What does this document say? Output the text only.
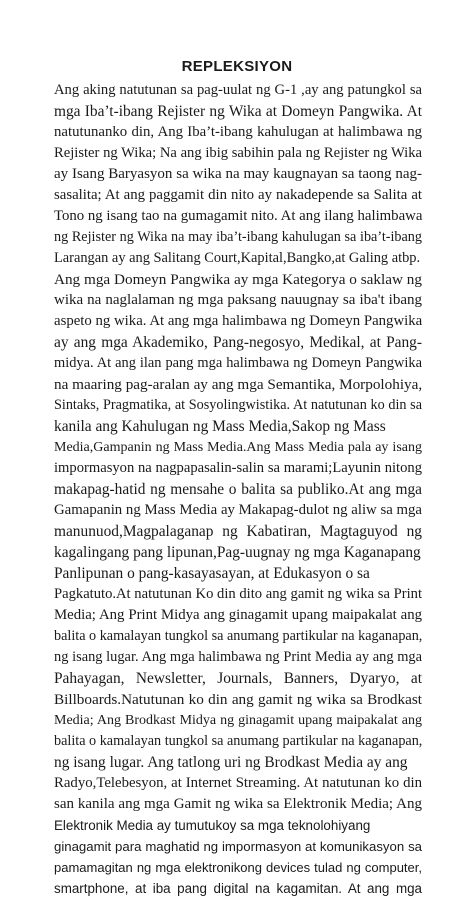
REPLEKSIYON
Ang aking natutunan sa pag-uulat ng G-1 ,ay ang patungkol sa
mga Iba’t-ibang Rejister ng Wika at Domeyn Pangwika. At
natutunanko din, Ang Iba’t-ibang kahulugan at halimbawa ng
Rejister ng Wika; Na ang ibig sabihin pala ng Rejister ng Wika
ay Isang Baryasyon sa wika na may kaugnayan sa taong nag-
sasalita; At ang paggamit din nito ay nakadepende sa Salita at
Tono ng isang tao na gumagamit nito. At ang ilang halimbawa
ng Rejister ng Wika na may iba’t-ibang kahulugan sa iba’t-ibang
Larangan ay ang Salitang Court,Kapital,Bangko,at Galing atbp.
Ang mga Domeyn Pangwika ay mga Kategorya o saklaw ng
wika na naglalaman ng mga paksang nauugnay sa iba't ibang
aspeto ng wika. At ang mga halimbawa ng Domeyn Pangwika
ay ang mga Akademiko, Pang-negosyo, Medikal, at Pang-
midya. At ang ilan pang mga halimbawa ng Domeyn Pangwika
na maaring pag-aralan ay ang mga Semantika, Morpolohiya,
Sintaks, Pragmatika, at Sosyolingwistika. At natutunan ko din sa
kanila ang Kahulugan ng Mass Media,Sakop ng Mass
Media,Gampanin ng Mass Media.Ang Mass Media pala ay isang
impormasyon na nagpapasalin-salin sa marami;Layunin nitong
makapag-hatid ng mensahe o balita sa publiko.At ang mga
Gamapanin ng Mass Media ay Makapag-dulot ng aliw sa mga
manunuod,Magpalaganap ng Kabatiran, Magtaguyod ng
kagalingang pang lipunan,Pag-uugnay ng mga Kaganapang
Panlipunan o pang-kasayasayan, at Edukasyon o sa
Pagkatuto.At natutunan Ko din dito ang gamit ng wika sa Print
Media; Ang Print Midya ang ginagamit upang maipakalat ang
balita o kamalayan tungkol sa anumang partikular na kaganapan,
ng isang lugar. Ang mga halimbawa ng Print Media ay ang mga
Pahayagan, Newsletter, Journals, Banners, Dyaryo, at
Billboards.Natutunan ko din ang gamit ng wika sa Brodkast
Media; Ang Brodkast Midya ng ginagamit upang maipakalat ang
balita o kamalayan tungkol sa anumang partikular na kaganapan,
ng isang lugar. Ang tatlong uri ng Brodkast Media ay ang
Radyo,Telebesyon, at Internet Streaming. At natutunan ko din
san kanila ang mga Gamit ng wika sa Elektronik Media; Ang
Elektronik Media ay tumutukoy sa mga teknolohiyang
ginagamit para maghatid ng impormasyon at komunikasyon sa
pamamagitan ng mga elektronikong devices tulad ng computer,
smartphone, at iba pang digital na kagamitan. At ang mga
